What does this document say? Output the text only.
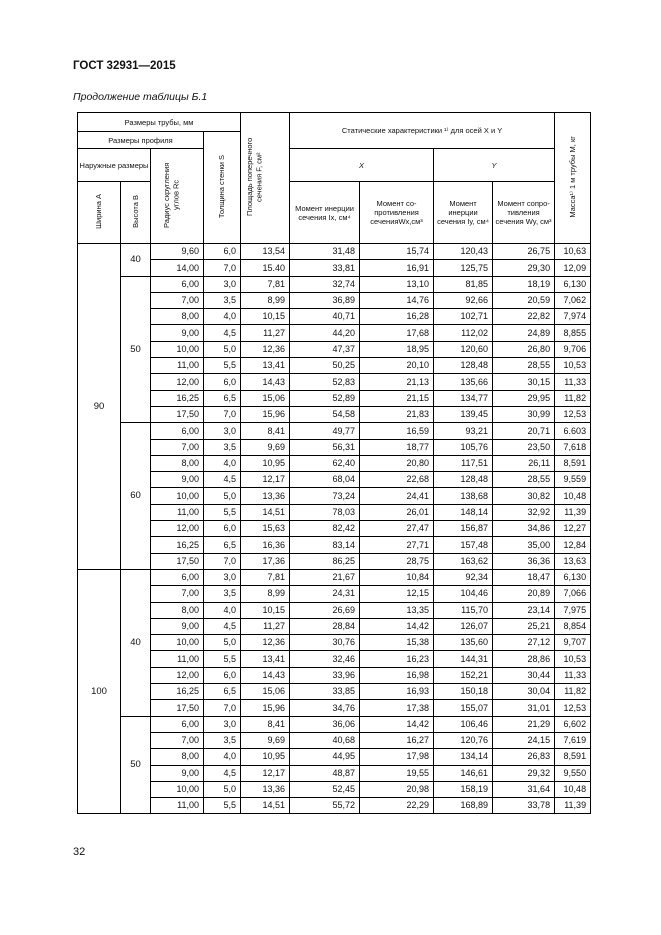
ГОСТ 32931—2015
Продолжение таблицы Б.1
Размеры трубы, мм				Площадь поперечного сечения F, см²	Статические характеристики ¹⁾ для осей X и Y				Масса¹⁾ 1 м трубы M, кг
Размеры профиля			Толщина стенки S						
Наружные размеры		Радиус скругления углов Rc			X		Y		
Ширина A	Высота B				Момент инерции сечения Ix, см⁴	Момент со-противления сеченияWx,см³	Момент инерции сечения Iy, см⁴	Момент сопро-тивления сечения Wy, см³	
90	40	9,60	6,0	13,54	31,48	15,74	120,43	26,75	10,63
		14,00	7,0	15.40	33,81	16,91	125,75	29,30	12,09
	50	6,00	3,0	7,81	32,74	13,10	81,85	18,19	6,130
		7,00	3,5	8,99	36,89	14,76	92,66	20,59	7,062
		8,00	4,0	10,15	40,71	16,28	102,71	22,82	7,974
		9,00	4,5	11,27	44,20	17,68	112,02	24,89	8,855
		10,00	5,0	12,36	47,37	18,95	120,60	26,80	9,706
		11,00	5,5	13,41	50,25	20,10	128,48	28,55	10,53
		12,00	6,0	14,43	52,83	21,13	135,66	30,15	11,33
		16,25	6,5	15,06	52,89	21,15	134,77	29,95	11,82
		17,50	7,0	15,96	54,58	21,83	139,45	30,99	12,53
	60	6,00	3,0	8,41	49,77	16,59	93,21	20,71	6.603
		7,00	3,5	9,69	56,31	18,77	105,76	23,50	7,618
		8,00	4,0	10,95	62,40	20,80	117,51	26,11	8,591
		9,00	4,5	12,17	68,04	22,68	128,48	28,55	9,559
		10,00	5,0	13,36	73,24	24,41	138,68	30,82	10,48
		11,00	5,5	14,51	78,03	26,01	148,14	32,92	11,39
		12,00	6,0	15,63	82,42	27,47	156,87	34,86	12,27
		16,25	6,5	16,36	83,14	27,71	157,48	35,00	12,84
		17,50	7,0	17,36	86,25	28,75	163,62	36,36	13,63
100	40	6,00	3,0	7,81	21,67	10,84	92,34	18,47	6,130
		7,00	3,5	8,99	24,31	12,15	104,46	20,89	7,066
		8,00	4,0	10,15	26,69	13,35	115,70	23,14	7,975
		9,00	4,5	11,27	28,84	14,42	126,07	25,21	8,854
		10,00	5,0	12,36	30,76	15,38	135,60	27,12	9,707
		11,00	5,5	13,41	32,46	16,23	144,31	28,86	10,53
		12,00	6,0	14,43	33,96	16,98	152,21	30,44	11,33
		16,25	6,5	15,06	33,85	16,93	150,18	30,04	11,82
		17,50	7,0	15,96	34,76	17,38	155,07	31,01	12,53
	50	6,00	3,0	8,41	36,06	14,42	106,46	21,29	6,602
		7,00	3,5	9,69	40,68	16,27	120,76	24,15	7,619
		8,00	4,0	10,95	44,95	17,98	134,14	26,83	8,591
		9,00	4,5	12,17	48,87	19,55	146,61	29,32	9,550
		10,00	5,0	13,36	52,45	20,98	158,19	31,64	10,48
		11,00	5,5	14,51	55,72	22,29	168,89	33,78	11,39
32
